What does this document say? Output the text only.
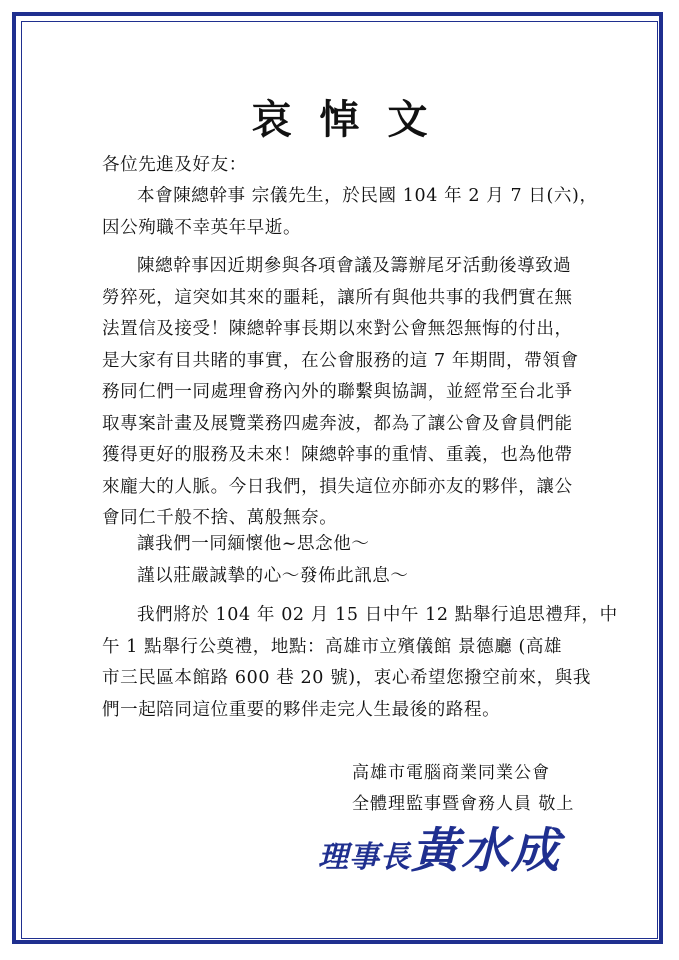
哀悼文
各位先進及好友：
本會陳總幹事 宗儀先生，於民國 104 年 2 月 7 日(六)，
因公殉職不幸英年早逝。
陳總幹事因近期參與各項會議及籌辦尾牙活動後導致過
勞猝死，這突如其來的噩耗，讓所有與他共事的我們實在無
法置信及接受！陳總幹事長期以來對公會無怨無悔的付出，
是大家有目共睹的事實，在公會服務的這 7 年期間，帶領會
務同仁們一同處理會務內外的聯繫與協調，並經常至台北爭
取專案計畫及展覽業務四處奔波，都為了讓公會及會員們能
獲得更好的服務及未來！陳總幹事的重情、重義，也為他帶
來龐大的人脈。今日我們，損失這位亦師亦友的夥伴，讓公
會同仁千般不捨、萬般無奈。
讓我們一同緬懷他~思念他～
謹以莊嚴誠摯的心～發佈此訊息～
我們將於 104 年 02 月 15 日中午 12 點舉行追思禮拜，中
午 1 點舉行公奠禮，地點：高雄市立殯儀館 景德廳 (高雄
市三民區本館路 600 巷 20 號)，衷心希望您撥空前來，與我
們一起陪同這位重要的夥伴走完人生最後的路程。
高雄市電腦商業同業公會
全體理監事暨會務人員 敬上
理事長黃水成
